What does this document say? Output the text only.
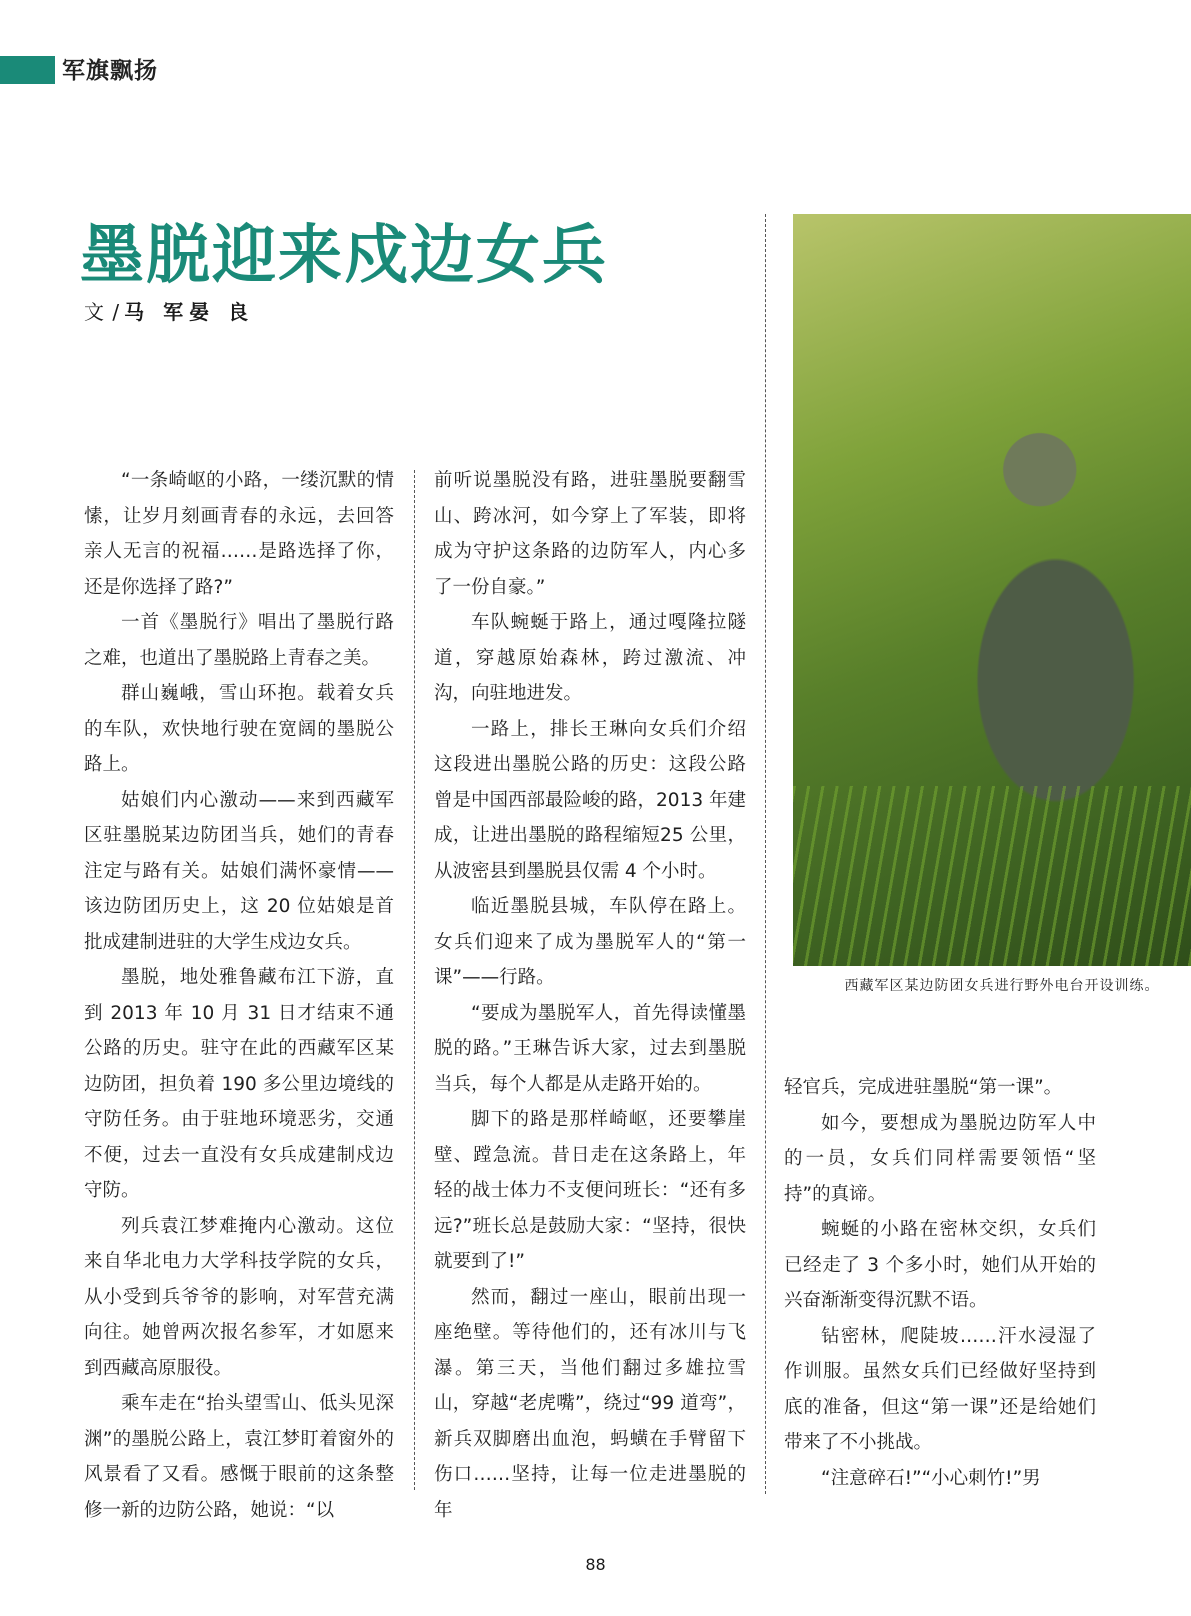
军旗飘扬
墨脱迎来戍边女兵
文 / 马 军晏 良

“一条崎岖的小路，一缕沉默的情愫，让岁月刻画青春的永远，去回答亲人无言的祝福……是路选择了你，还是你选择了路?”

一首《墨脱行》唱出了墨脱行路之难，也道出了墨脱路上青春之美。

群山巍峨，雪山环抱。载着女兵的车队，欢快地行驶在宽阔的墨脱公路上。

姑娘们内心激动——来到西藏军区驻墨脱某边防团当兵，她们的青春注定与路有关。姑娘们满怀豪情——该边防团历史上，这 20 位姑娘是首批成建制进驻的大学生戍边女兵。

墨脱，地处雅鲁藏布江下游，直到 2013 年 10 月 31 日才结束不通公路的历史。驻守在此的西藏军区某边防团，担负着 190 多公里边境线的守防任务。由于驻地环境恶劣，交通不便，过去一直没有女兵成建制戍边守防。

列兵袁江梦难掩内心激动。这位来自华北电力大学科技学院的女兵，从小受到兵爷爷的影响，对军营充满向往。她曾两次报名参军，才如愿来到西藏高原服役。

乘车走在“抬头望雪山、低头见深渊”的墨脱公路上，袁江梦盯着窗外的风景看了又看。感慨于眼前的这条整修一新的边防公路，她说：“以

前听说墨脱没有路，进驻墨脱要翻雪山、跨冰河，如今穿上了军装，即将成为守护这条路的边防军人，内心多了一份自豪。”

车队蜿蜒于路上，通过嘎隆拉隧道，穿越原始森林，跨过激流、冲沟，向驻地进发。

一路上，排长王琳向女兵们介绍这段进出墨脱公路的历史：这段公路曾是中国西部最险峻的路，2013 年建成，让进出墨脱的路程缩短25 公里，从波密县到墨脱县仅需 4 个小时。

临近墨脱县城，车队停在路上。女兵们迎来了成为墨脱军人的“第一课”——行路。

“要成为墨脱军人，首先得读懂墨脱的路。”王琳告诉大家，过去到墨脱当兵，每个人都是从走路开始的。

脚下的路是那样崎岖，还要攀崖壁、蹚急流。昔日走在这条路上，年轻的战士体力不支便问班长：“还有多远?”班长总是鼓励大家：“坚持，很快就要到了!”

然而，翻过一座山，眼前出现一座绝壁。等待他们的，还有冰川与飞瀑。第三天，当他们翻过多雄拉雪山，穿越“老虎嘴”，绕过“99 道弯”，新兵双脚磨出血泡，蚂蟥在手臂留下伤口……坚持，让每一位走进墨脱的年

西藏军区某边防团女兵进行野外电台开设训练。

轻官兵，完成进驻墨脱“第一课”。

如今，要想成为墨脱边防军人中的一员，女兵们同样需要领悟“坚持”的真谛。

蜿蜒的小路在密林交织，女兵们已经走了 3 个多小时，她们从开始的兴奋渐渐变得沉默不语。

钻密林，爬陡坡……汗水浸湿了作训服。虽然女兵们已经做好坚持到底的准备，但这“第一课”还是给她们带来了不小挑战。

“注意碎石!”“小心刺竹!”男

88
